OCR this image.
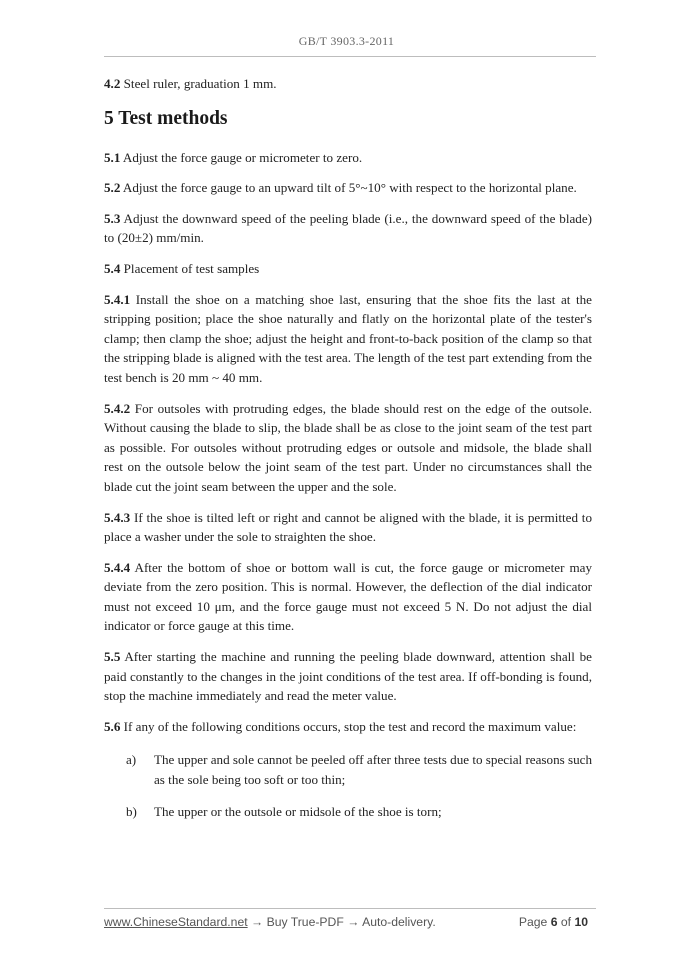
GB/T 3903.3-2011

4.2 Steel ruler, graduation 1 mm.

5 Test methods

5.1 Adjust the force gauge or micrometer to zero.

5.2 Adjust the force gauge to an upward tilt of 5°~10° with respect to the horizontal plane.

5.3 Adjust the downward speed of the peeling blade (i.e., the downward speed of the blade) to (20±2) mm/min.

5.4 Placement of test samples

5.4.1 Install the shoe on a matching shoe last, ensuring that the shoe fits the last at the stripping position; place the shoe naturally and flatly on the horizontal plate of the tester's clamp; then clamp the shoe; adjust the height and front-to-back position of the clamp so that the stripping blade is aligned with the test area. The length of the test part extending from the test bench is 20 mm ~ 40 mm.

5.4.2 For outsoles with protruding edges, the blade should rest on the edge of the outsole. Without causing the blade to slip, the blade shall be as close to the joint seam of the test part as possible. For outsoles without protruding edges or outsole and midsole, the blade shall rest on the outsole below the joint seam of the test part. Under no circumstances shall the blade cut the joint seam between the upper and the sole.

5.4.3 If the shoe is tilted left or right and cannot be aligned with the blade, it is permitted to place a washer under the sole to straighten the shoe.

5.4.4 After the bottom of shoe or bottom wall is cut, the force gauge or micrometer may deviate from the zero position. This is normal. However, the deflection of the dial indicator must not exceed 10 μm, and the force gauge must not exceed 5 N. Do not adjust the dial indicator or force gauge at this time.

5.5 After starting the machine and running the peeling blade downward, attention shall be paid constantly to the changes in the joint conditions of the test area. If off-bonding is found, stop the machine immediately and read the meter value.

5.6 If any of the following conditions occurs, stop the test and record the maximum value:

a)	The upper and sole cannot be peeled off after three tests due to special reasons such as the sole being too soft or too thin;
b)	The upper or the outsole or midsole of the shoe is torn;
www.ChineseStandard.net → Buy True-PDF → Auto-delivery.	Page 6 of 10
